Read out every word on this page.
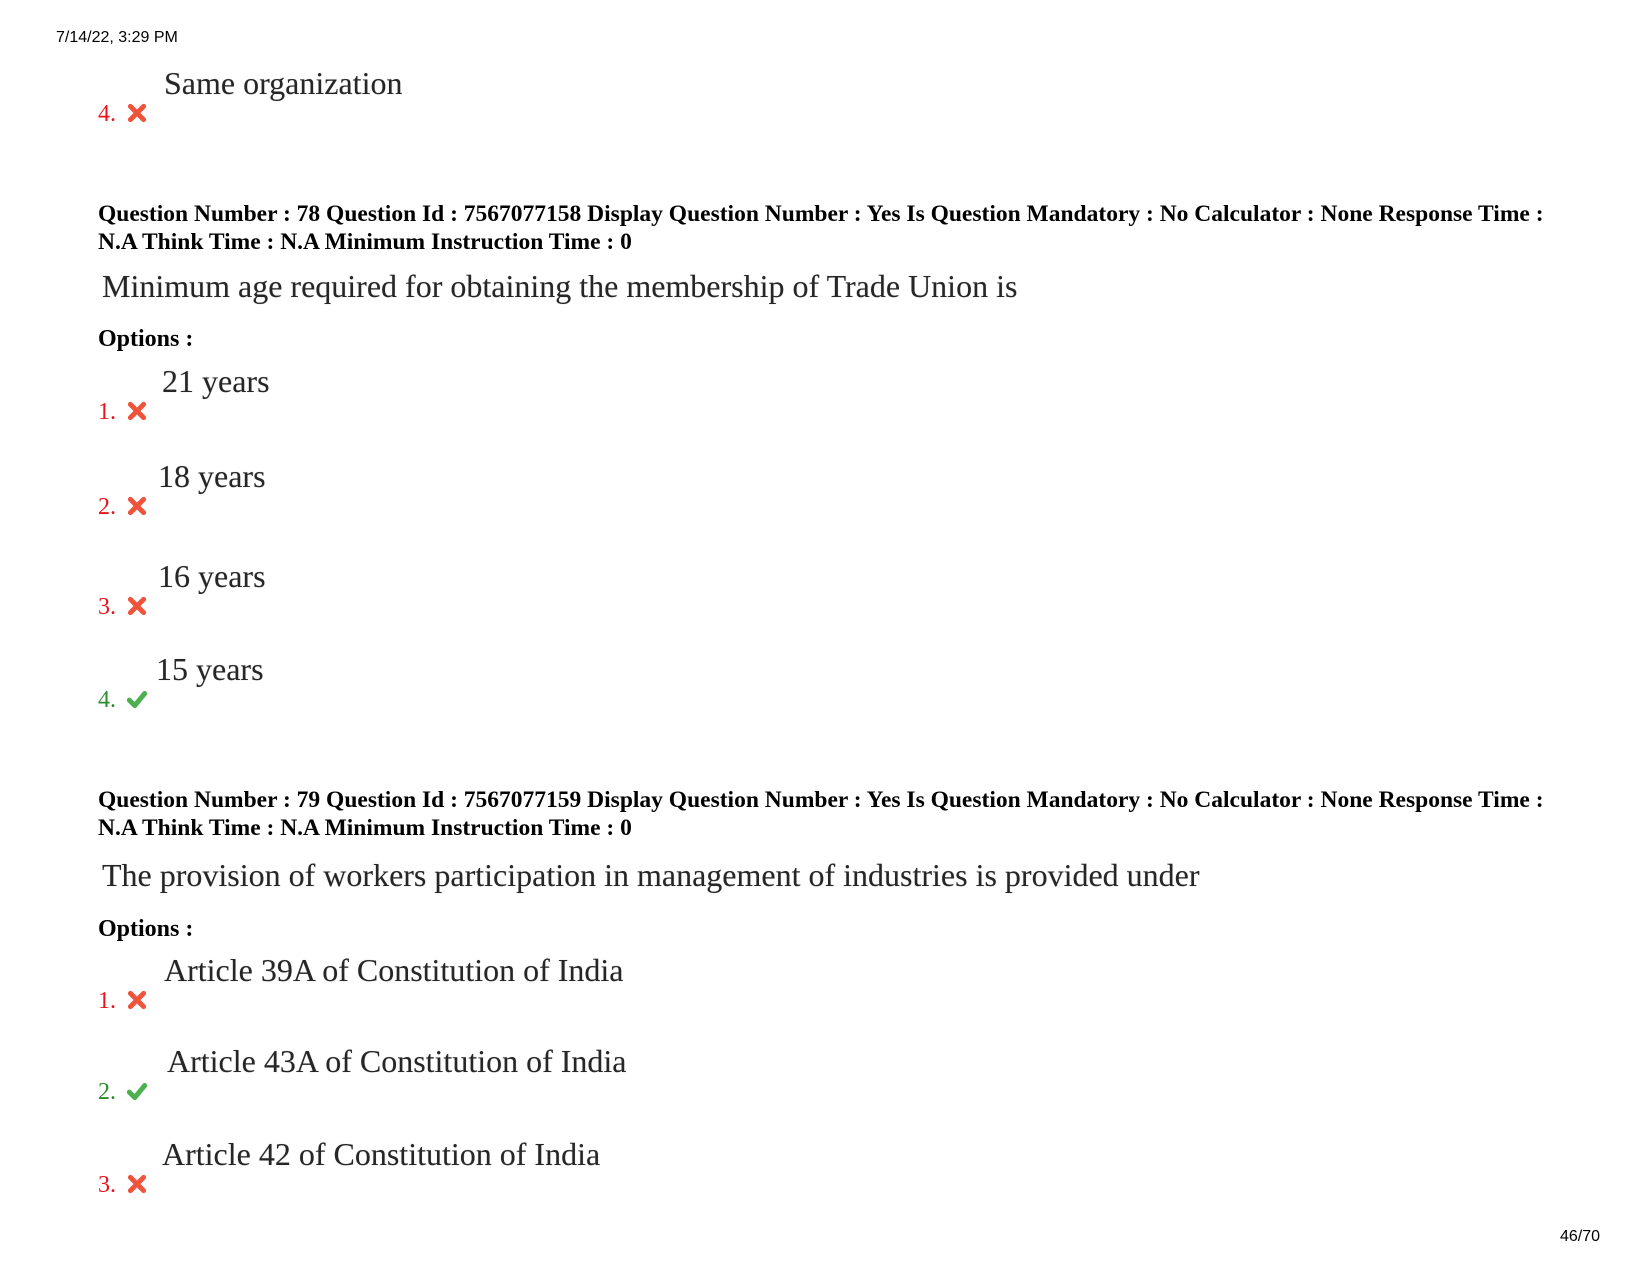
7/14/22, 3:29 PM
4.
Same organization
Question Number : 78 Question Id : 7567077158 Display Question Number : Yes Is Question Mandatory : No Calculator : None Response Time : N.A Think Time : N.A Minimum Instruction Time : 0
Minimum age required for obtaining the membership of Trade Union is
Options :
1.
21 years
2.
18 years
3.
16 years
4.
15 years
Question Number : 79 Question Id : 7567077159 Display Question Number : Yes Is Question Mandatory : No Calculator : None Response Time : N.A Think Time : N.A Minimum Instruction Time : 0
The provision of workers participation in management of industries is provided under
Options :
1.
Article 39A of Constitution of India
2.
Article 43A of Constitution of India
3.
Article 42 of Constitution of India
46/70
